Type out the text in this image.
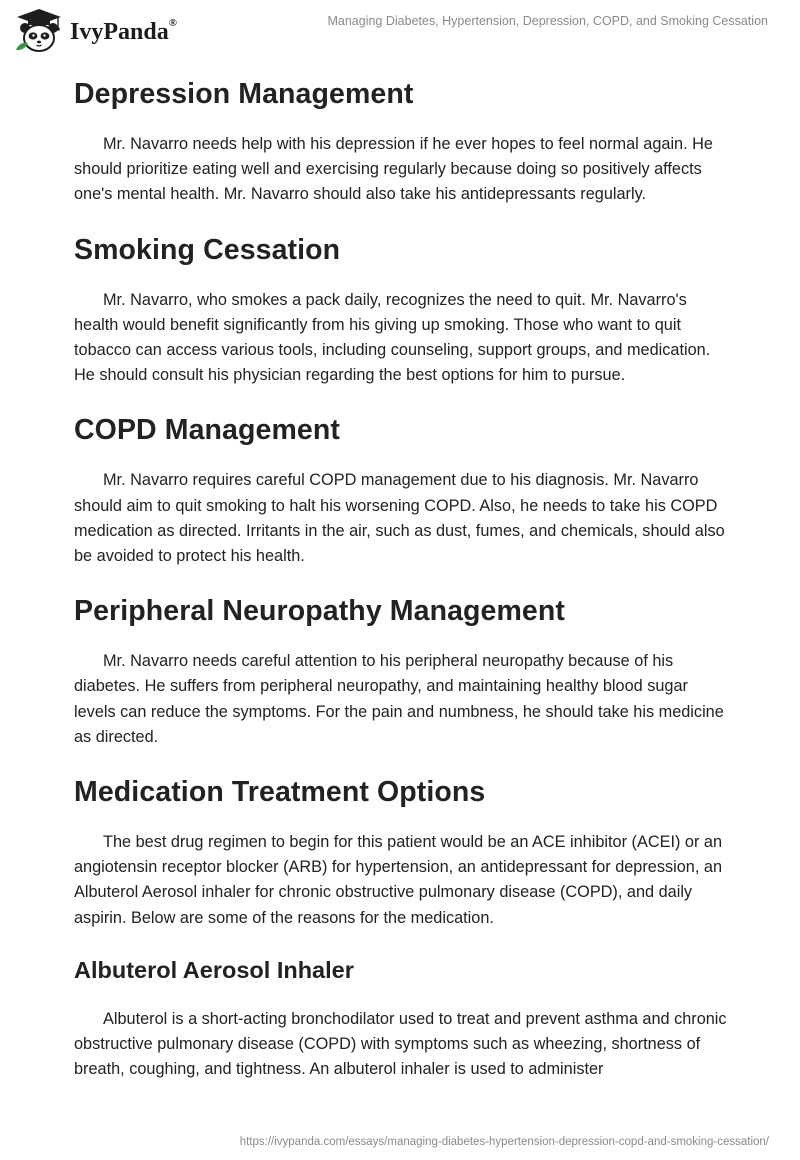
IvyPanda®	Managing Diabetes, Hypertension, Depression, COPD, and Smoking Cessation
Depression Management

Mr. Navarro needs help with his depression if he ever hopes to feel normal again. He should prioritize eating well and exercising regularly because doing so positively affects one's mental health. Mr. Navarro should also take his antidepressants regularly.

Smoking Cessation

Mr. Navarro, who smokes a pack daily, recognizes the need to quit. Mr. Navarro's health would benefit significantly from his giving up smoking. Those who want to quit tobacco can access various tools, including counseling, support groups, and medication. He should consult his physician regarding the best options for him to pursue.

COPD Management

Mr. Navarro requires careful COPD management due to his diagnosis. Mr. Navarro should aim to quit smoking to halt his worsening COPD. Also, he needs to take his COPD medication as directed. Irritants in the air, such as dust, fumes, and chemicals, should also be avoided to protect his health.

Peripheral Neuropathy Management

Mr. Navarro needs careful attention to his peripheral neuropathy because of his diabetes. He suffers from peripheral neuropathy, and maintaining healthy blood sugar levels can reduce the symptoms. For the pain and numbness, he should take his medicine as directed.

Medication Treatment Options

The best drug regimen to begin for this patient would be an ACE inhibitor (ACEI) or an angiotensin receptor blocker (ARB) for hypertension, an antidepressant for depression, an Albuterol Aerosol inhaler for chronic obstructive pulmonary disease (COPD), and daily aspirin. Below are some of the reasons for the medication.

Albuterol Aerosol Inhaler

Albuterol is a short-acting bronchodilator used to treat and prevent asthma and chronic obstructive pulmonary disease (COPD) with symptoms such as wheezing, shortness of breath, coughing, and tightness. An albuterol inhaler is used to administer

https://ivypanda.com/essays/managing-diabetes-hypertension-depression-copd-and-smoking-cessation/
